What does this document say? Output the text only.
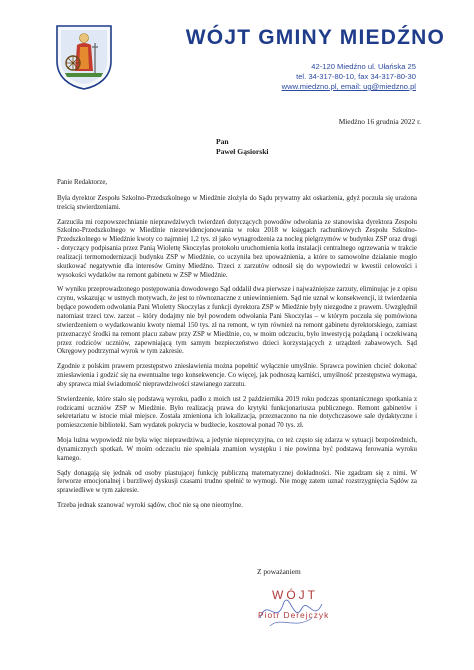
WÓJT GMINY MIEDŹNO
42-120 Miedźno ul. Ułańska 25
tel. 34-317-80-10, fax 34-317-80-30
www.miedzno.pl, email: ug@miedzno.pl
Miedźno 16 grudnia 2022 r.
Pan
Paweł Gąsiorski

Panie Redaktorze,

Była dyrektor Zespołu Szkolno-Przedszkolnego w Miedźnie złożyła do Sądu prywatny akt oskarżenia, gdyż poczuła się urażona treścią stwierdzeniami.

Zarzuciła mi rozpowszechnianie nieprawdziwych twierdzeń dotyczących powodów odwołania ze stanowiska dyrektora Zespołu Szkolno-Przedszkolnego w Miedźnie niezewidencjonowania w roku 2018 w księgach rachunkowych Zespołu Szkolno-Przedszkolnego w Miedźnie kwoty co najmniej 1,2 tys. zł jako wynagrodzenia za nocleg pielgrzymów w budynku ZSP oraz drugi - dotyczący podpisania przez Panią Wiolettę Skoczylas protokołu uruchomienia kotła instalacji centralnego ogrzewania w trakcie realizacji termomodernizacji budynku ZSP w Miedźnie, co uczyniła bez upoważnienia, a które to samowolne działanie mogło skutkować negatywnie dla interesów Gminy Miedźno. Trzeci z zarzutów odnosił się do wypowiedzi w kwestii celowości i wysokości wydatków na remont gabinetu w ZSP w Miedźnie.

W wyniku przeprowadzonego postępowania dowodowego Sąd oddalił dwa pierwsze i najważniejsze zarzuty, eliminując je z opisu czynu, wskazując w ustnych motywach, że jest to równoznaczne z uniewinnieniem. Sąd nie uznał w konsekwencji, iż twierdzenia będące powodem odwołania Pani Wioletty Skoczylas z funkcji dyrektora ZSP w Miedźnie były niezgodne z prawem. Uwzględnił natomiast trzeci tzw. zarzut – który dodajmy nie był powodem odwołania Pani Skoczylas – w którym poczuła się pomówiona stwierdzeniem o wydatkowaniu kwoty niemal 150 tys. zł na remont, w tym również na remont gabinetu dyrektorskiego, zamiast przeznaczyć środki na remont placu zabaw przy ZSP w Miedźnie, co, w moim odczuciu, było inwestycją pożądaną i oczekiwaną przez rodziców uczniów, zapewniającą tym samym bezpieczeństwo dzieci korzystających z urządzeń zabawowych. Sąd Okręgowy podtrzymał wyrok w tym zakresie.

Zgodnie z polskim prawem przestępstwo zniesławienia można popełnić wyłącznie umyślnie. Sprawca powinien chcieć dokonać zniesławienia i godzić się na ewentualne tego konsekwencje. Co więcej, jak podnoszą karniści, umyślność przestępstwa wymaga, aby sprawca miał świadomość nieprawdziwości stawianego zarzutu.

Stwierdzenie, które stało się podstawą wyroku, padło z moich ust 2 października 2019 roku podczas spontanicznego spotkania z rodzicami uczniów ZSP w Miedźnie. Było realizacją prawa do krytyki funkcjonariusza publicznego. Remont gabinetów i sekretariatu w istocie miał miejsce. Została zmieniona ich lokalizacja, przeznaczono na nie dotychczasowe sale dydaktyczne i pomieszczenie biblioteki. Sam wydatek pokrycia w budżecie, kosztował ponad 70 tys. zł.

Moja luźna wypowiedź nie była więc nieprawdziwa, a jedynie nieprecyzyjna, co też często się zdarza w sytuacji bezpośrednich, dynamicznych spotkań. W moim odczuciu nie spełniała znamion występku i nie powinna być podstawą ferowania wyroku karnego.

Sądy donagają się jednak od osoby piastującej funkcję publiczną matematycznej dokładności. Nie zgadzam się z nimi. W ferworze emocjonalnej i burzliwej dyskusji czasami trudno spełnić te wymogi. Nie mogę zatem uznać rozstrzygnięcia Sądów za sprawiedliwe w tym zakresie.

Trzeba jednak szanować wyroki sądów, choć nie są one nieomylne.

Z poważaniem
WÓJT
Piotr Derejczyk
